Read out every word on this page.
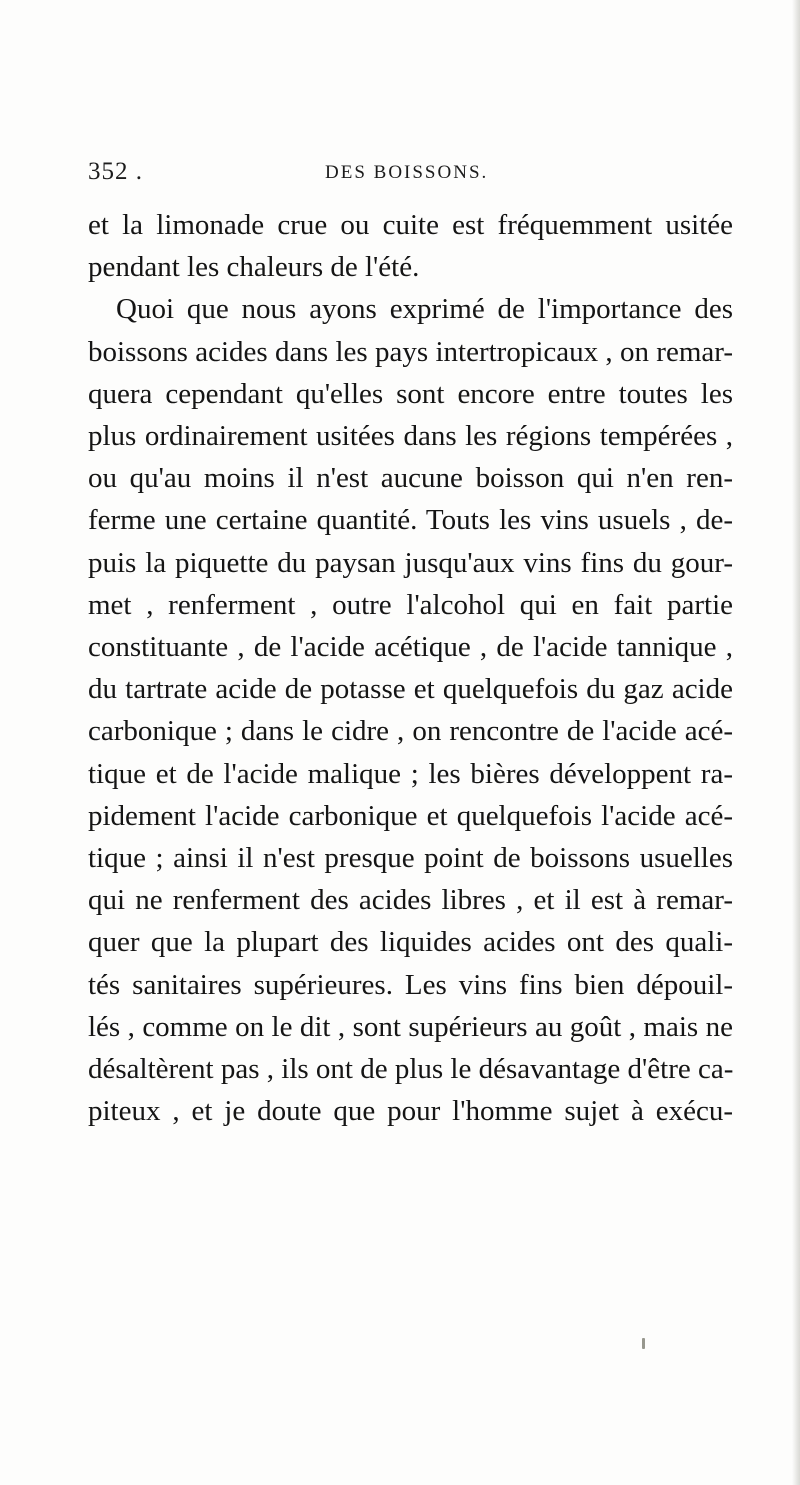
352 .	DES BOISSONS.
et la limonade crue ou cuite est fréquemment usitée
pendant les chaleurs de l'été.
Quoi que nous ayons exprimé de l'importance des
boissons acides dans les pays intertropicaux , on remar-
quera cependant qu'elles sont encore entre toutes les
plus ordinairement usitées dans les régions tempérées ,
ou qu'au moins il n'est aucune boisson qui n'en ren-
ferme une certaine quantité. Touts les vins usuels , de-
puis la piquette du paysan jusqu'aux vins fins du gour-
met , renferment , outre l'alcohol qui en fait partie
constituante , de l'acide acétique , de l'acide tannique ,
du tartrate acide de potasse et quelquefois du gaz acide
carbonique ; dans le cidre , on rencontre de l'acide acé-
tique et de l'acide malique ; les bières développent ra-
pidement l'acide carbonique et quelquefois l'acide acé-
tique ; ainsi il n'est presque point de boissons usuelles
qui ne renferment des acides libres , et il est à remar-
quer que la plupart des liquides acides ont des quali-
tés sanitaires supérieures. Les vins fins bien dépouil-
lés , comme on le dit , sont supérieurs au goût , mais ne
désaltèrent pas , ils ont de plus le désavantage d'être ca-
piteux , et je doute que pour l'homme sujet à exécu-
